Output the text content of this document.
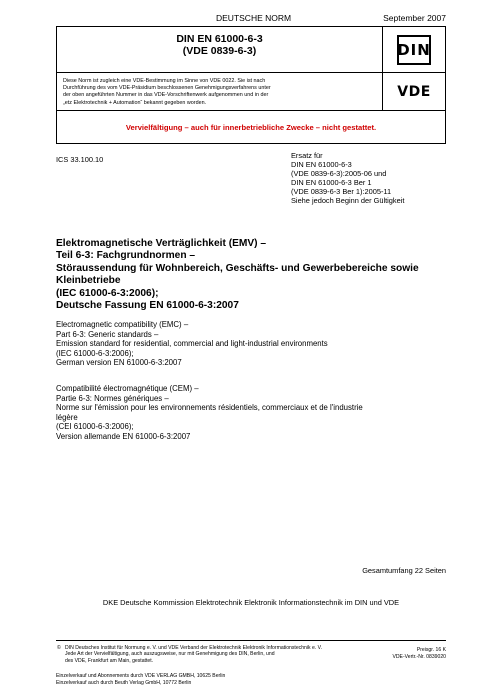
DEUTSCHE NORM	September 2007
DIN EN 61000-6-3
(VDE 0839-6-3)	DIN
Diese Norm ist zugleich eine VDE-Bestimmung im Sinne von VDE 0022. Sie ist nach
Durchführung des vom VDE-Präsidium beschlossenen Genehmigungsverfahrens unter
der oben angeführten Nummer in das VDE-Vorschriftenwerk aufgenommen und in der
„etz Elektrotechnik + Automation“ bekannt gegeben worden.
VDE
Vervielfältigung – auch für innerbetriebliche Zwecke – nicht gestattet.
ICS 33.100.10	Ersatz für
DIN EN 61000-6-3
(VDE 0839-6-3):2005-06 und
DIN EN 61000-6-3 Ber 1
(VDE 0839-6-3 Ber 1):2005-11
Siehe jedoch Beginn der Gültigkeit
Elektromagnetische Verträglichkeit (EMV) –
Teil 6-3: Fachgrundnormen –
Störaussendung für Wohnbereich, Geschäfts- und Gewerbebereiche sowie
Kleinbetriebe
(IEC 61000-6-3:2006);
Deutsche Fassung EN 61000-6-3:2007
Electromagnetic compatibility (EMC) –
Part 6-3: Generic standards –
Emission standard for residential, commercial and light-industrial environments
(IEC 61000-6-3:2006);
German version EN 61000-6-3:2007
Compatibilité électromagnétique (CEM) –
Partie 6-3: Normes génériques –
Norme sur l'émission pour les environnements résidentiels, commerciaux et de l'industrie
légère
(CEI 61000-6-3:2006);
Version allemande EN 61000-6-3:2007
Gesamtumfang 22 Seiten
DKE Deutsche Kommission Elektrotechnik Elektronik Informationstechnik im DIN und VDE
© DIN Deutsches Institut für Normung e. V. und VDE Verband der Elektrotechnik Elektronik Informationstechnik e. V.
Jede Art der Vervielfältigung, auch auszugsweise, nur mit Genehmigung des DIN, Berlin, und
des VDE, Frankfurt am Main, gestattet.
Preisgr. 16 K
VDE-Vertr.-Nr. 0839020
Einzelverkauf und Abonnements durch VDE VERLAG GMBH, 10625 Berlin
Einzelverkauf auch durch Beuth Verlag GmbH, 10772 Berlin
